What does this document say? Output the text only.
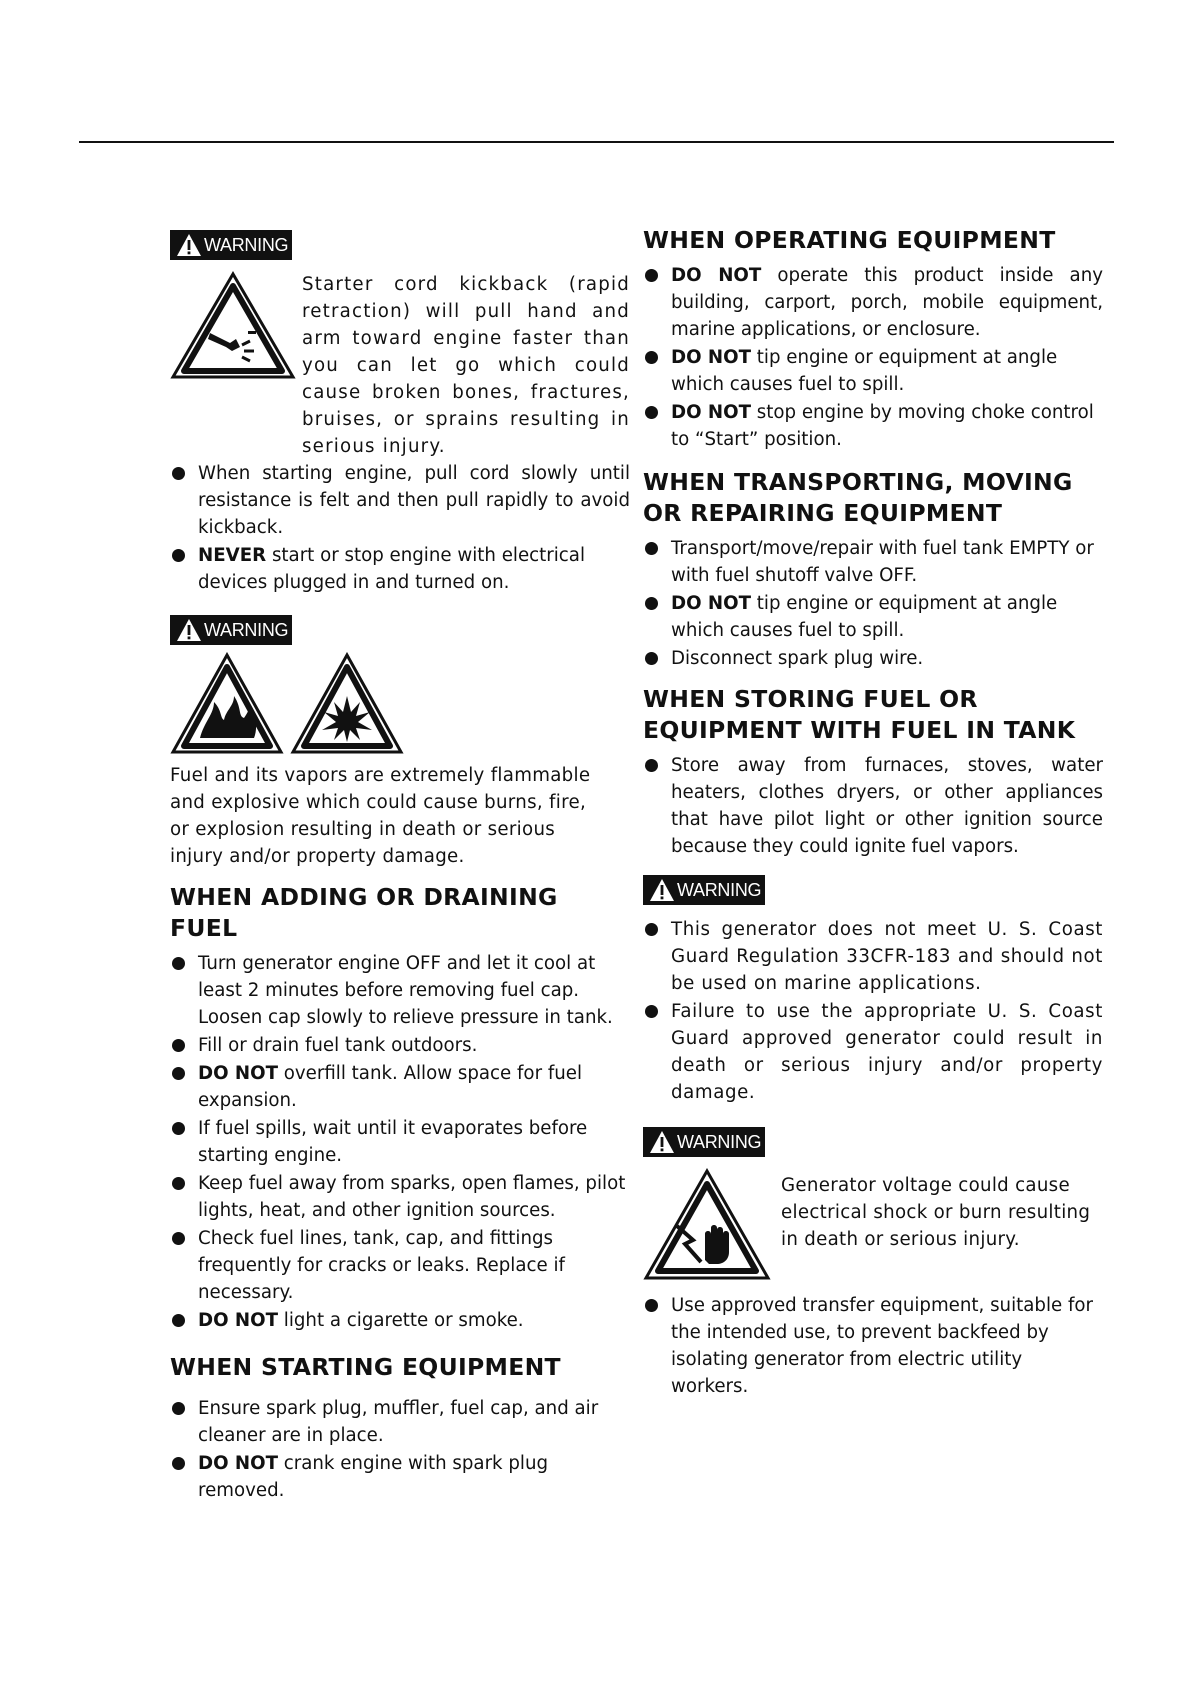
WARNING

Starter cord kickback (rapid retraction) will pull hand and arm toward engine faster than you can let go which could cause broken bones, fractures, bruises, or sprains resulting in serious injury.

When starting engine, pull cord slowly until resistance is felt and then pull rapidly to avoid kickback.
NEVER start or stop engine with electrical devices plugged in and turned on.
WARNING

Fuel and its vapors are extremely flammable and explosive which could cause burns, fire, or explosion resulting in death or serious injury and/or property damage.

WHEN ADDING OR DRAINING FUEL
Turn generator engine OFF and let it cool at least 2 minutes before removing fuel cap. Loosen cap slowly to relieve pressure in tank.
Fill or drain fuel tank outdoors.
DO NOT overfill tank. Allow space for fuel expansion.
If fuel spills, wait until it evaporates before starting engine.
Keep fuel away from sparks, open flames, pilot lights, heat, and other ignition sources.
Check fuel lines, tank, cap, and fittings frequently for cracks or leaks. Replace if necessary.
DO NOT light a cigarette or smoke.
WHEN STARTING EQUIPMENT
Ensure spark plug, muffler, fuel cap, and air cleaner are in place.
DO NOT crank engine with spark plug removed.
WHEN OPERATING EQUIPMENT
DO NOT operate this product inside any building, carport, porch, mobile equipment, marine applications, or enclosure.
DO NOT tip engine or equipment at angle which causes fuel to spill.
DO NOT stop engine by moving choke control to “Start” position.
WHEN TRANSPORTING, MOVING OR REPAIRING EQUIPMENT
Transport/move/repair with fuel tank EMPTY or with fuel shutoff valve OFF.
DO NOT tip engine or equipment at angle which causes fuel to spill.
Disconnect spark plug wire.
WHEN STORING FUEL OR EQUIPMENT WITH FUEL IN TANK
Store away from furnaces, stoves, water heaters, clothes dryers, or other appliances that have pilot light or other ignition source because they could ignite fuel vapors.
WARNING
This generator does not meet U. S. Coast Guard Regulation 33CFR-183 and should not be used on marine applications.
Failure to use the appropriate U. S. Coast Guard approved generator could result in death or serious injury and/or property damage.
WARNING

Generator voltage could cause electrical shock or burn resulting in death or serious injury.

Use approved transfer equipment, suitable for the intended use, to prevent backfeed by isolating generator from electric utility workers.
